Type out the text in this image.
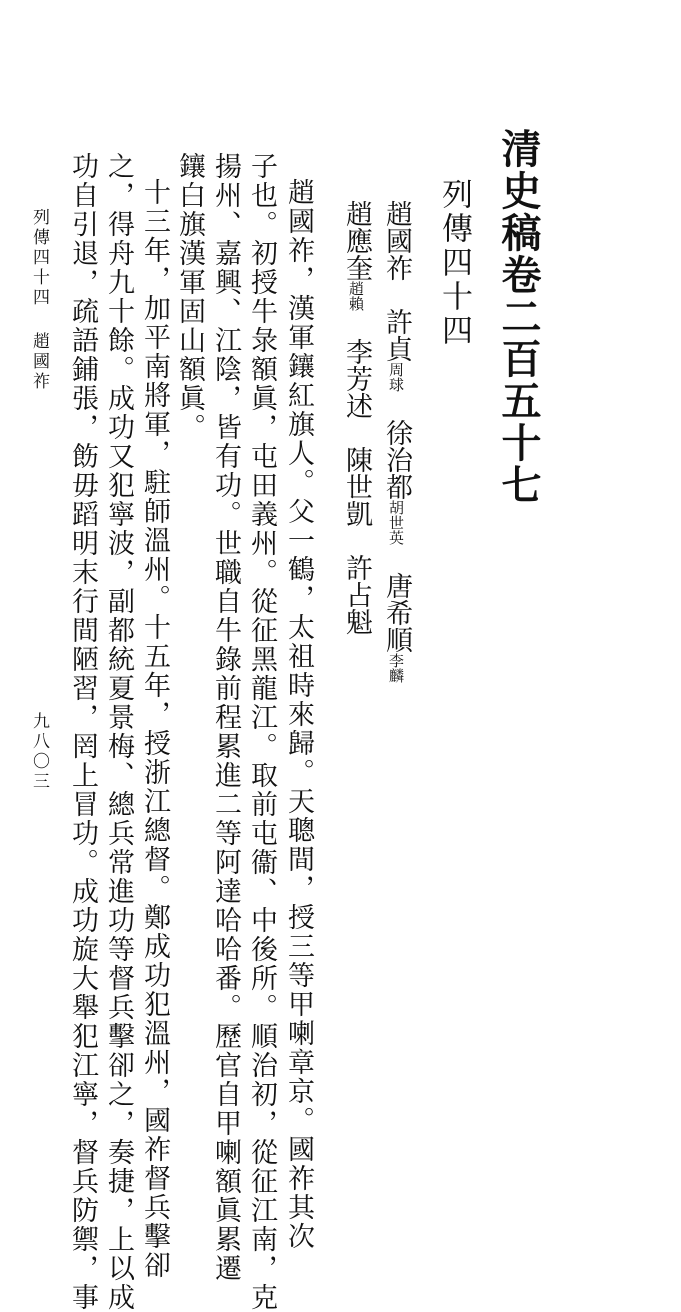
清史稿卷二百五十七
列傳四十四
趙國祚　許貞周球　徐治都胡世英　唐希順李麟
趙應奎趙賴　李芳述　陳世凱　許占魁
趙國祚，漢軍鑲紅旗人。父一鶴，太祖時來歸。天聰間，授三等甲喇章京。國祚其次
子也。初授牛彔額眞，屯田義州。從征黑龍江。取前屯衞、中後所。順治初，從征江南，克
揚州、嘉興、江陰，皆有功。世職自牛錄前程累進二等阿達哈哈番。歷官自甲喇額眞累遷
鑲白旗漢軍固山額眞。
十三年，加平南將軍，駐師溫州。十五年，授浙江總督。鄭成功犯溫州，國祚督兵擊卻
之，得舟九十餘。成功又犯寧波，副都統夏景梅、總兵常進功等督兵擊卻之，奏捷，上以成
功自引退，疏語鋪張，飭毋蹈明末行間陋習，罔上冒功。成功旋大舉犯江寧，督兵防禦，事
列傳四十四
趙國祚
九八〇三
